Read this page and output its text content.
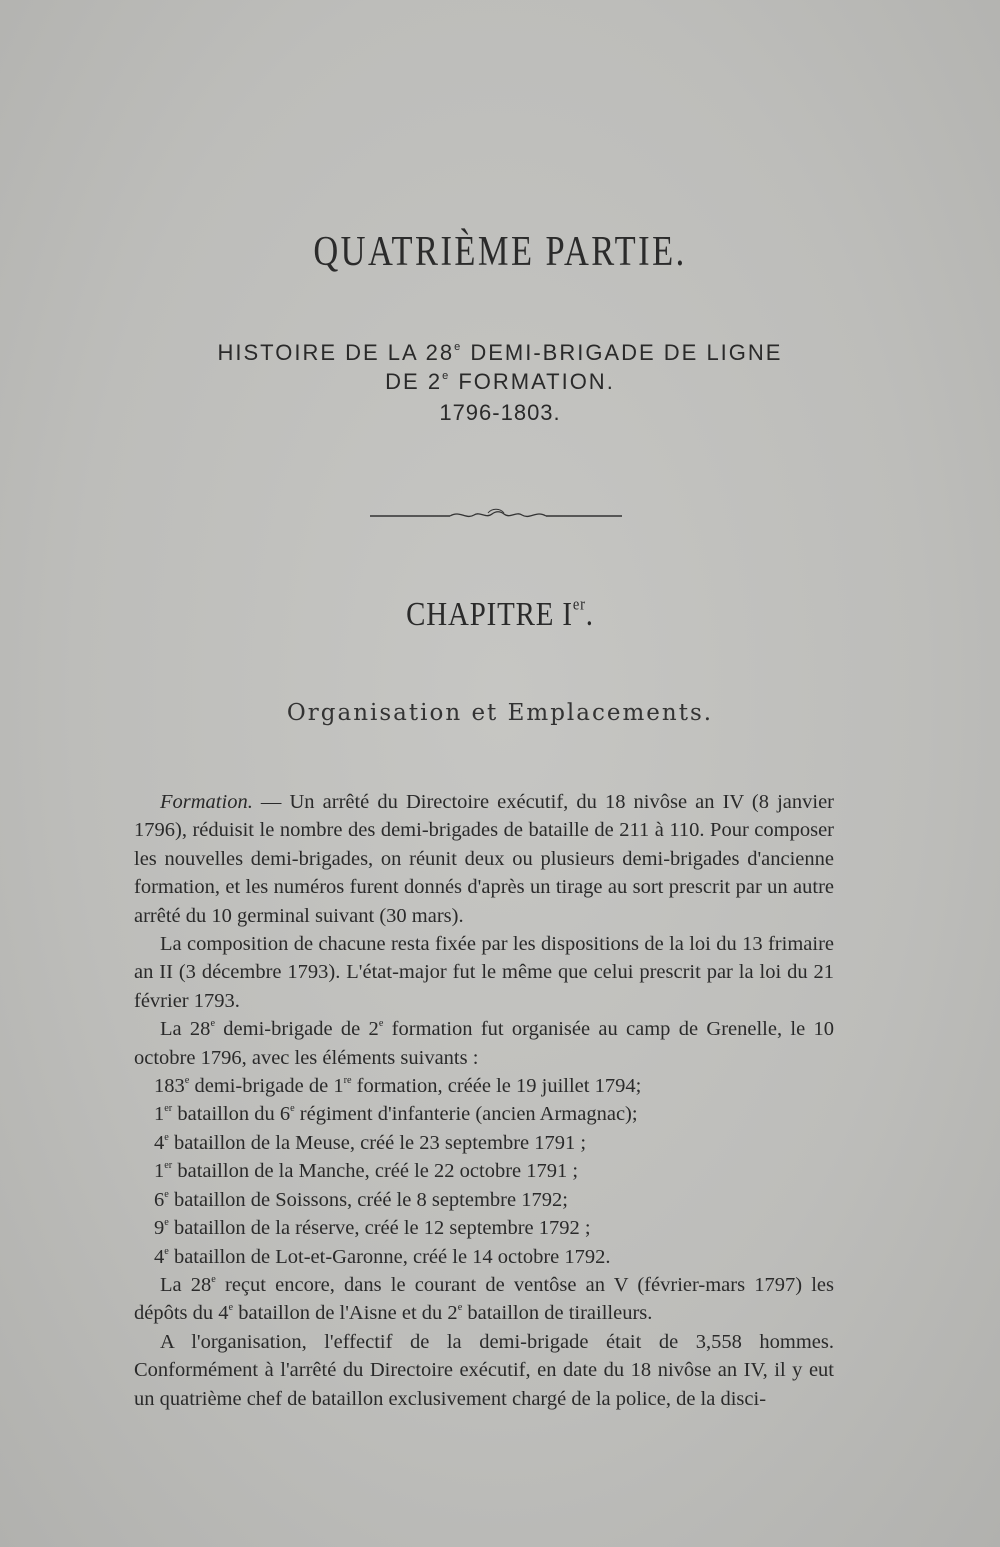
QUATRIÈME PARTIE.
HISTOIRE DE LA 28e DEMI-BRIGADE DE LIGNE
DE 2e FORMATION.
1796-1803.
CHAPITRE Ier.
Organisation et Emplacements.

Formation. — Un arrêté du Directoire exécutif, du 18 nivôse an IV (8 janvier 1796), réduisit le nombre des demi-brigades de bataille de 211 à 110. Pour composer les nouvelles demi-brigades, on réunit deux ou plusieurs demi-brigades d'ancienne formation, et les numéros furent donnés d'après un tirage au sort prescrit par un autre arrêté du 10 germinal suivant (30 mars).

La composition de chacune resta fixée par les dispositions de la loi du 13 frimaire an II (3 décembre 1793). L'état-major fut le même que celui prescrit par la loi du 21 février 1793.

La 28e demi-brigade de 2e formation fut organisée au camp de Grenelle, le 10 octobre 1796, avec les éléments suivants :

183e demi-brigade de 1re formation, créée le 19 juillet 1794;

1er bataillon du 6e régiment d'infanterie (ancien Armagnac);

4e bataillon de la Meuse, créé le 23 septembre 1791 ;

1er bataillon de la Manche, créé le 22 octobre 1791 ;

6e bataillon de Soissons, créé le 8 septembre 1792;

9e bataillon de la réserve, créé le 12 septembre 1792 ;

4e bataillon de Lot-et-Garonne, créé le 14 octobre 1792.

La 28e reçut encore, dans le courant de ventôse an V (février-mars 1797) les dépôts du 4e bataillon de l'Aisne et du 2e bataillon de tirailleurs.

A l'organisation, l'effectif de la demi-brigade était de 3,558 hommes. Conformément à l'arrêté du Directoire exécutif, en date du 18 nivôse an IV, il y eut un quatrième chef de bataillon exclusivement chargé de la police, de la disci-
